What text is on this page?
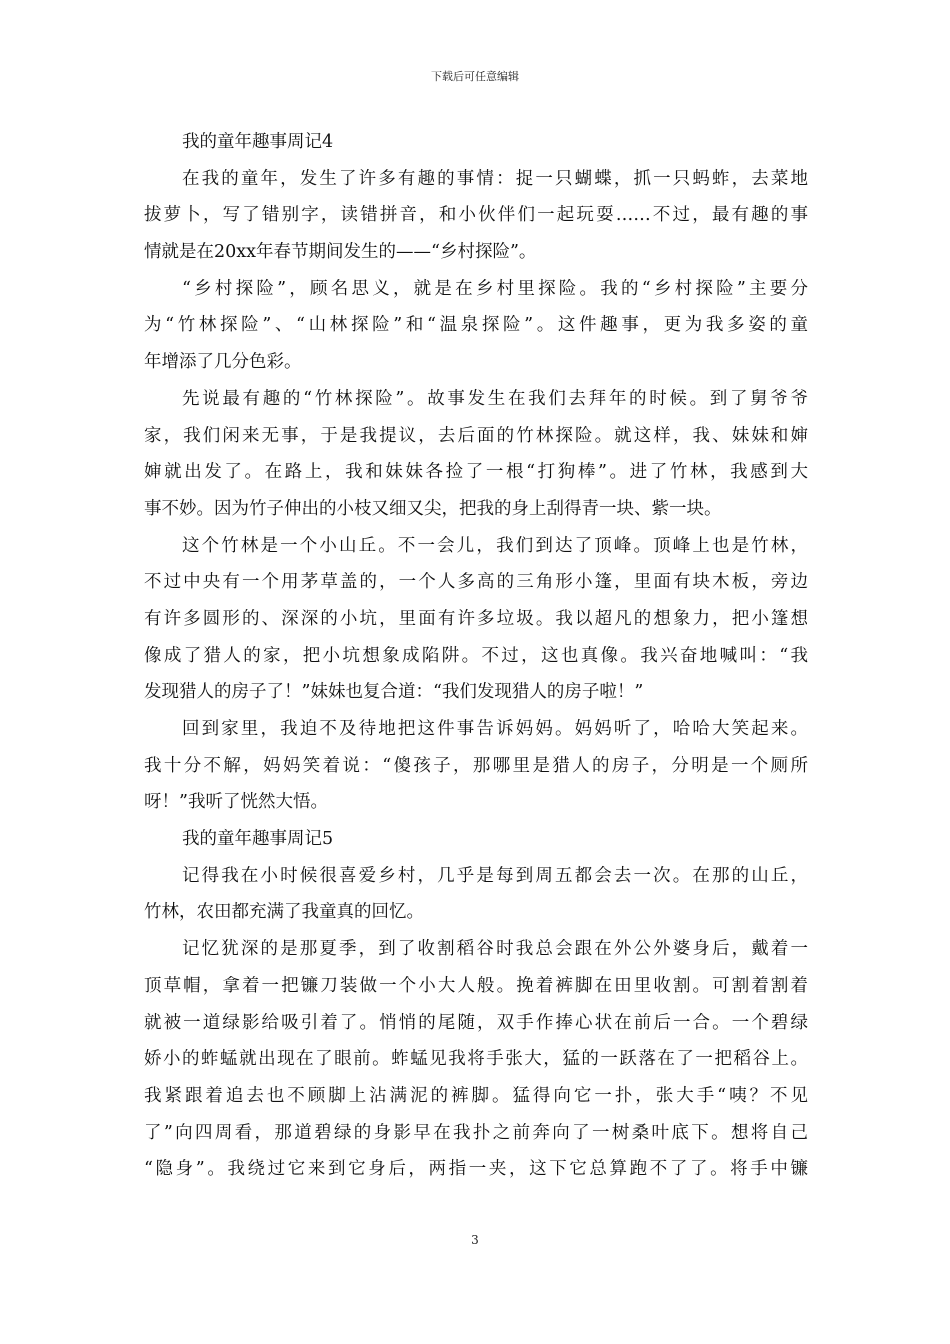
下载后可任意编辑
我的童年趣事周记4
在我的童年，发生了许多有趣的事情：捉一只蝴蝶，抓一只蚂蚱，去菜地
拔萝卜，写了错别字，读错拼音，和小伙伴们一起玩耍……不过，最有趣的事
情就是在20xx年春节期间发生的——“乡村探险”。
“乡村探险”，顾名思义，就是在乡村里探险。我的“乡村探险”主要分
为“竹林探险”、“山林探险”和“温泉探险”。这件趣事，更为我多姿的童
年增添了几分色彩。
先说最有趣的“竹林探险”。故事发生在我们去拜年的时候。到了舅爷爷
家，我们闲来无事，于是我提议，去后面的竹林探险。就这样，我、妹妹和婶
婶就出发了。在路上，我和妹妹各捡了一根“打狗棒”。进了竹林，我感到大
事不妙。因为竹子伸出的小枝又细又尖，把我的身上刮得青一块、紫一块。
这个竹林是一个小山丘。不一会儿，我们到达了顶峰。顶峰上也是竹林，
不过中央有一个用茅草盖的，一个人多高的三角形小篷，里面有块木板，旁边
有许多圆形的、深深的小坑，里面有许多垃圾。我以超凡的想象力，把小篷想
像成了猎人的家，把小坑想象成陷阱。不过，这也真像。我兴奋地喊叫：“我
发现猎人的房子了！”妹妹也复合道：“我们发现猎人的房子啦！”
回到家里，我迫不及待地把这件事告诉妈妈。妈妈听了，哈哈大笑起来。
我十分不解，妈妈笑着说：“傻孩子，那哪里是猎人的房子，分明是一个厕所
呀！”我听了恍然大悟。
我的童年趣事周记5
记得我在小时候很喜爱乡村，几乎是每到周五都会去一次。在那的山丘，
竹林，农田都充满了我童真的回忆。
记忆犹深的是那夏季，到了收割稻谷时我总会跟在外公外婆身后，戴着一
顶草帽，拿着一把镰刀装做一个小大人般。挽着裤脚在田里收割。可割着割着
就被一道绿影给吸引着了。悄悄的尾随，双手作捧心状在前后一合。一个碧绿
娇小的蚱蜢就出现在了眼前。蚱蜢见我将手张大，猛的一跃落在了一把稻谷上。
我紧跟着追去也不顾脚上沾满泥的裤脚。猛得向它一扑，张大手“咦？不见
了”向四周看，那道碧绿的身影早在我扑之前奔向了一树桑叶底下。想将自己
“隐身”。我绕过它来到它身后，两指一夹，这下它总算跑不了了。将手中镰
3
